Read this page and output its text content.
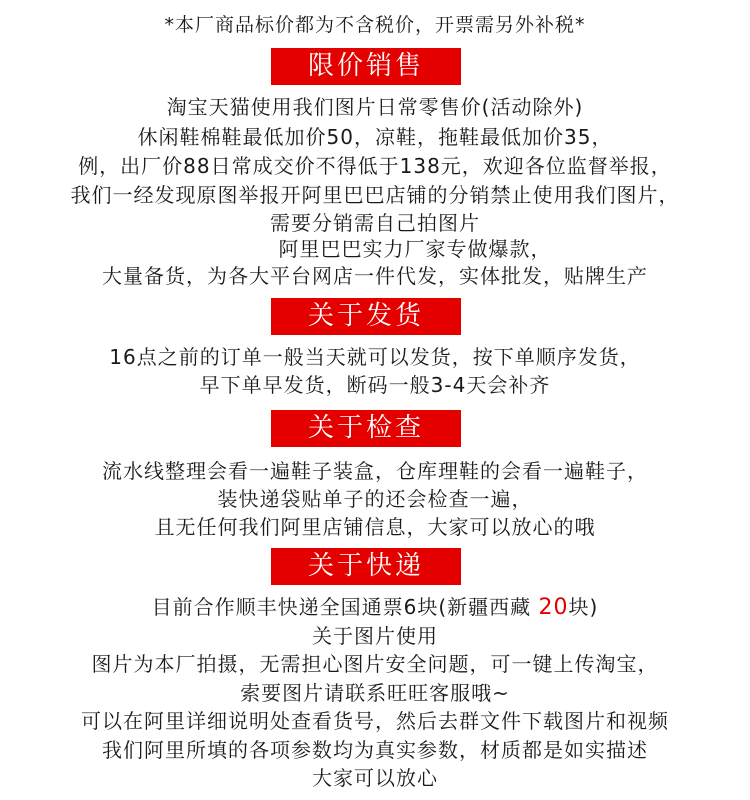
*本厂商品标价都为不含税价，开票需另外补税*
限价销售
淘宝天猫使用我们图片日常零售价(活动除外)
休闲鞋棉鞋最低加价50，凉鞋，拖鞋最低加价35，
例，出厂价88日常成交价不得低于138元，欢迎各位监督举报，
我们一经发现原图举报开阿里巴巴店铺的分销禁止使用我们图片，
需要分销需自己拍图片
阿里巴巴实力厂家专做爆款，
大量备货，为各大平台网店一件代发，实体批发，贴牌生产
关于发货
16点之前的订单一般当天就可以发货，按下单顺序发货，
早下单早发货，断码一般3-4天会补齐
关于检查
流水线整理会看一遍鞋子装盒，仓库理鞋的会看一遍鞋子，
装快递袋贴单子的还会检查一遍，
且无任何我们阿里店铺信息，大家可以放心的哦
关于快递
目前合作顺丰快递全国通票6块(新疆西藏 20块)
关于图片使用
图片为本厂拍摄，无需担心图片安全问题，可一键上传淘宝，
索要图片请联系旺旺客服哦~
可以在阿里详细说明处查看货号，然后去群文件下载图片和视频
我们阿里所填的各项参数均为真实参数，材质都是如实描述
大家可以放心
